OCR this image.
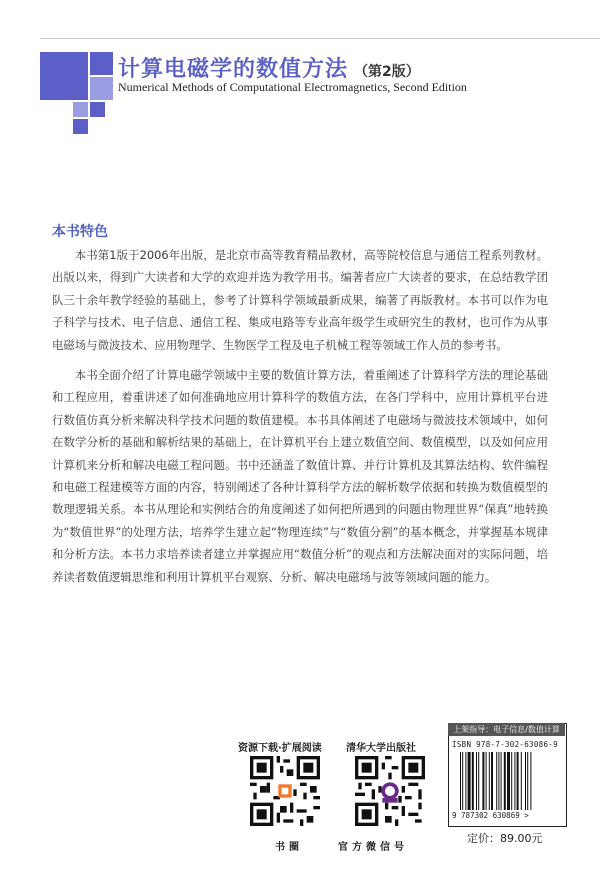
计算电磁学的数值方法 （第2版）
Numerical Methods of Computational Electromagnetics, Second Edition
本书特色

本书第1版于2006年出版，是北京市高等教育精品教材，高等院校信息与通信工程系列教材。出版以来，得到广大读者和大学的欢迎并选为教学用书。编著者应广大读者的要求，在总结教学团队三十余年教学经验的基础上，参考了计算科学领域最新成果，编著了再版教材。本书可以作为电子科学与技术、电子信息、通信工程、集成电路等专业高年级学生或研究生的教材，也可作为从事电磁场与微波技术、应用物理学、生物医学工程及电子机械工程等领域工作人员的参考书。

本书全面介绍了计算电磁学领域中主要的数值计算方法，着重阐述了计算科学方法的理论基础和工程应用，着重讲述了如何准确地应用计算科学的数值方法，在各门学科中，应用计算机平台进行数值仿真分析来解决科学技术问题的数值建模。本书具体阐述了电磁场与微波技术领域中，如何在数学分析的基础和解析结果的基础上，在计算机平台上建立数值空间、数值模型，以及如何应用计算机来分析和解决电磁工程问题。书中还涵盖了数值计算、并行计算机及其算法结构、软件编程和电磁工程建模等方面的内容，特别阐述了各种计算科学方法的解析数学依据和转换为数值模型的数理逻辑关系。本书从理论和实例结合的角度阐述了如何把所遇到的问题由物理世界“保真”地转换为“数值世界”的处理方法，培养学生建立起“物理连续”与“数值分割”的基本概念，并掌握基本规律和分析方法。本书力求培养读者建立并掌握应用“数值分析”的观点和方法解决面对的实际问题，培养读者数值逻辑思维和利用计算机平台观察、分析、解决电磁场与波等领域问题的能力。

资源下载·扩展阅读
书圈
清华大学出版社
官方微信号
上架指导：电子信息/数值计算
ISBN 978-7-302-63086-9
9 787302 630869 >
定价：89.00元
